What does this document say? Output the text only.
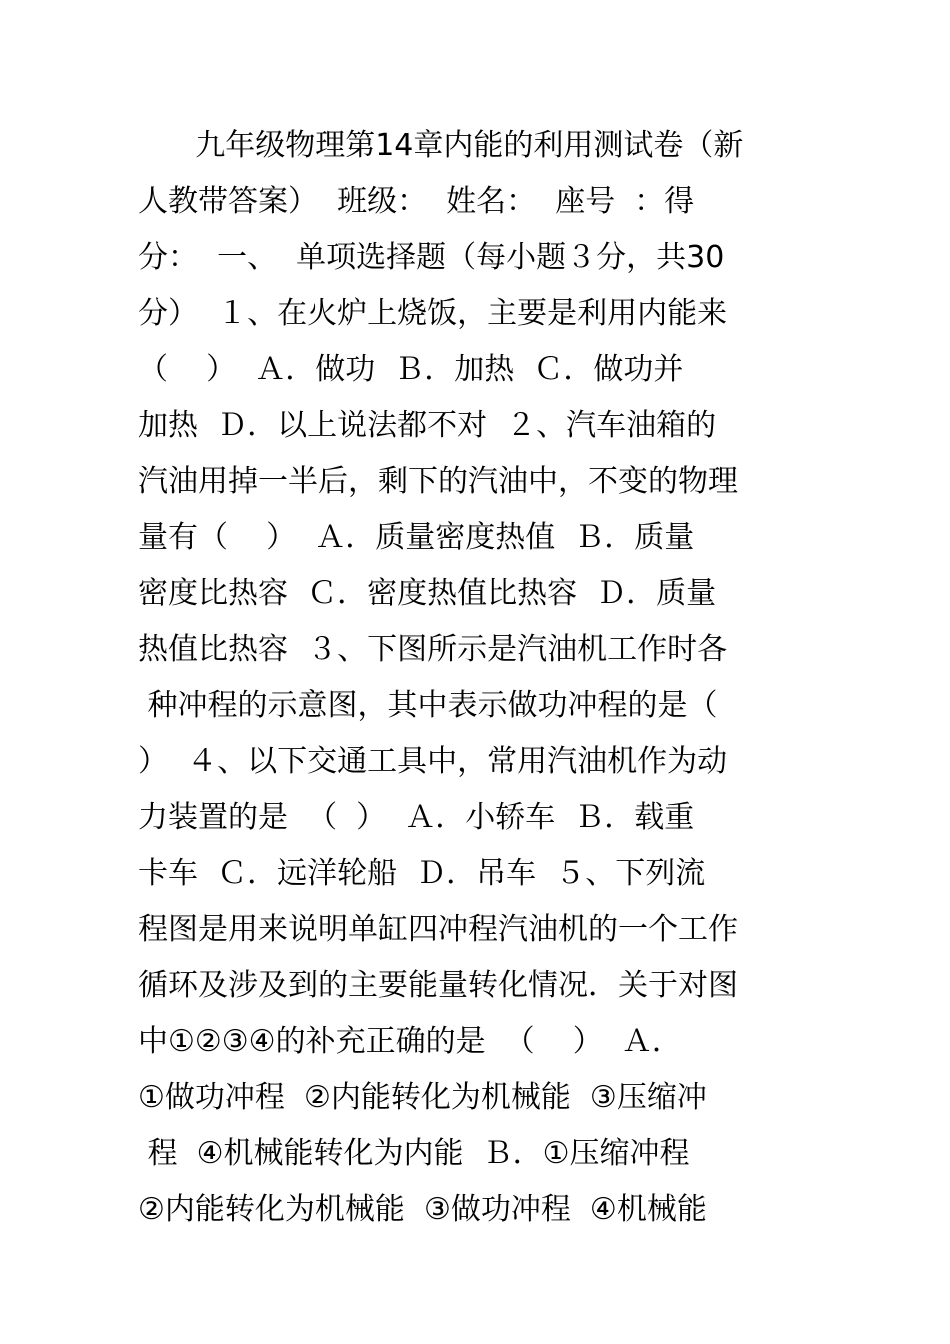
九年级物理第14章内能的利用测试卷（新
人教带答案）  班级：  姓名：  座号  ：得
分：  一、  单项选择题（每小题３分，共30
分）  １、在火炉上烧饭，主要是利用内能来
（    ）  Ａ．做功  Ｂ．加热  Ｃ．做功并
加热  Ｄ．以上说法都不对  ２、汽车油箱的
汽油用掉一半后，剩下的汽油中，不变的物理
量有（    ）  Ａ．质量密度热值  Ｂ．质量
密度比热容  Ｃ．密度热值比热容  Ｄ．质量
热值比热容  ３、下图所示是汽油机工作时各
种冲程的示意图，其中表示做功冲程的是（
）  ４、以下交通工具中，常用汽油机作为动
力装置的是  （  ）  Ａ．小轿车  Ｂ．载重
卡车  Ｃ．远洋轮船  Ｄ．吊车  ５、下列流
程图是用来说明单缸四冲程汽油机的一个工作
循环及涉及到的主要能量转化情况．关于对图
中①②③④的补充正确的是  （    ）  Ａ．
①做功冲程  ②内能转化为机械能  ③压缩冲
程  ④机械能转化为内能  Ｂ．①压缩冲程
②内能转化为机械能  ③做功冲程  ④机械能
